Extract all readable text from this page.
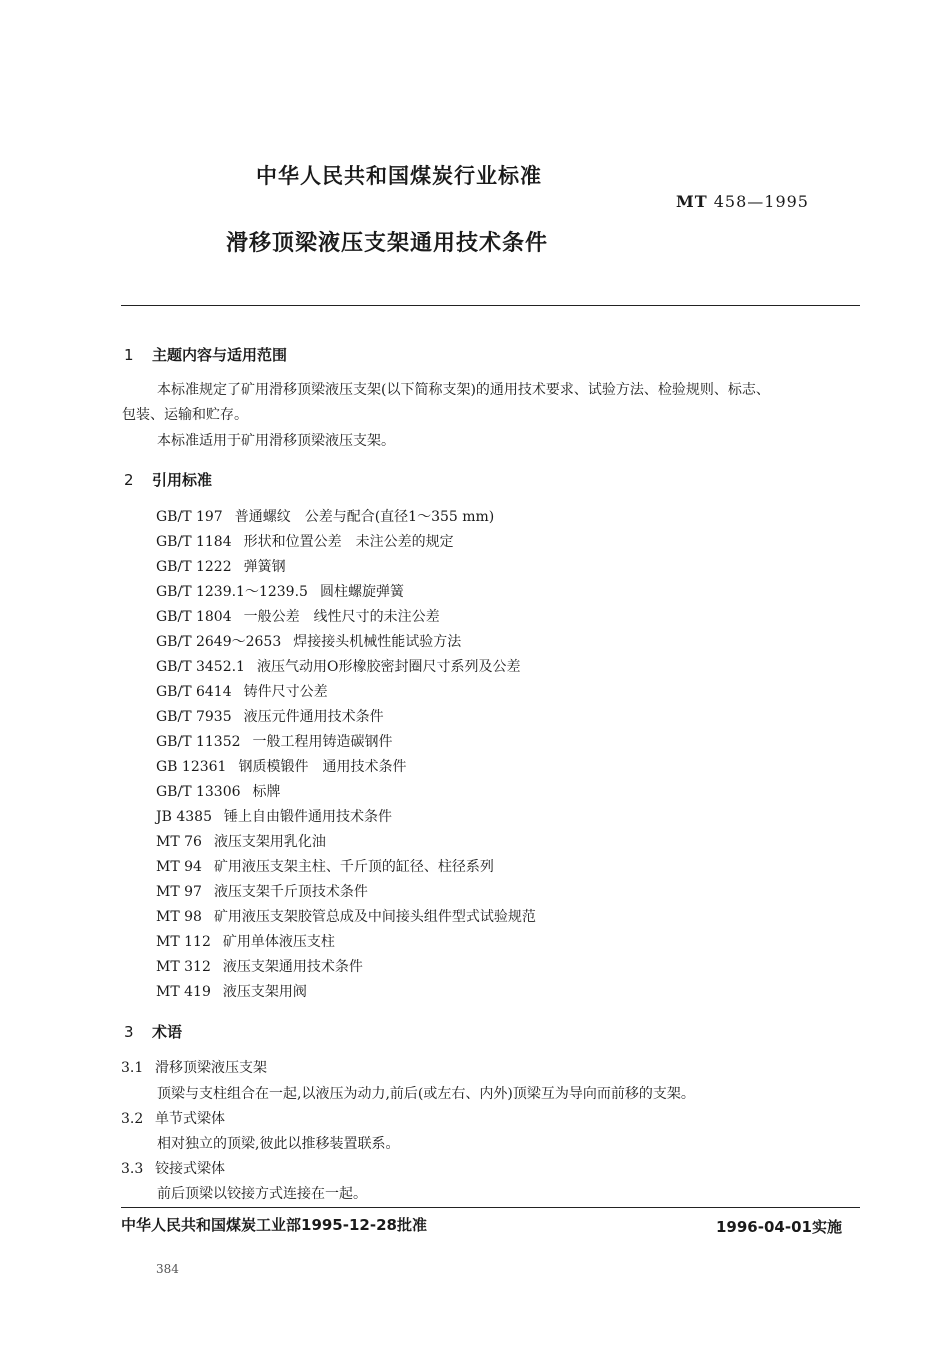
中华人民共和国煤炭行业标准
MT 458—1995
滑移顶梁液压支架通用技术条件
1 主题内容与适用范围
本标准规定了矿用滑移顶梁液压支架(以下简称支架)的通用技术要求、试验方法、检验规则、标志、
包装、运输和贮存。
本标准适用于矿用滑移顶梁液压支架。
2 引用标准
GB/T 197 普通螺纹　公差与配合(直径1～355 mm)
GB/T 1184 形状和位置公差　未注公差的规定
GB/T 1222 弹簧钢
GB/T 1239.1～1239.5 圆柱螺旋弹簧
GB/T 1804 一般公差　线性尺寸的未注公差
GB/T 2649～2653 焊接接头机械性能试验方法
GB/T 3452.1 液压气动用O形橡胶密封圈尺寸系列及公差
GB/T 6414 铸件尺寸公差
GB/T 7935 液压元件通用技术条件
GB/T 11352 一般工程用铸造碳钢件
GB 12361 钢质模锻件　通用技术条件
GB/T 13306 标牌
JB 4385 锤上自由锻件通用技术条件
MT 76 液压支架用乳化油
MT 94 矿用液压支架主柱、千斤顶的缸径、柱径系列
MT 97 液压支架千斤顶技术条件
MT 98 矿用液压支架胶管总成及中间接头组件型式试验规范
MT 112 矿用单体液压支柱
MT 312 液压支架通用技术条件
MT 419 液压支架用阀
3 术语
3.1 滑移顶梁液压支架
顶梁与支柱组合在一起,以液压为动力,前后(或左右、内外)顶梁互为导向而前移的支架。
3.2 单节式梁体
相对独立的顶梁,彼此以推移装置联系。
3.3 铰接式梁体
前后顶梁以铰接方式连接在一起。
中华人民共和国煤炭工业部1995-12-28批准	1996-04-01实施
384
